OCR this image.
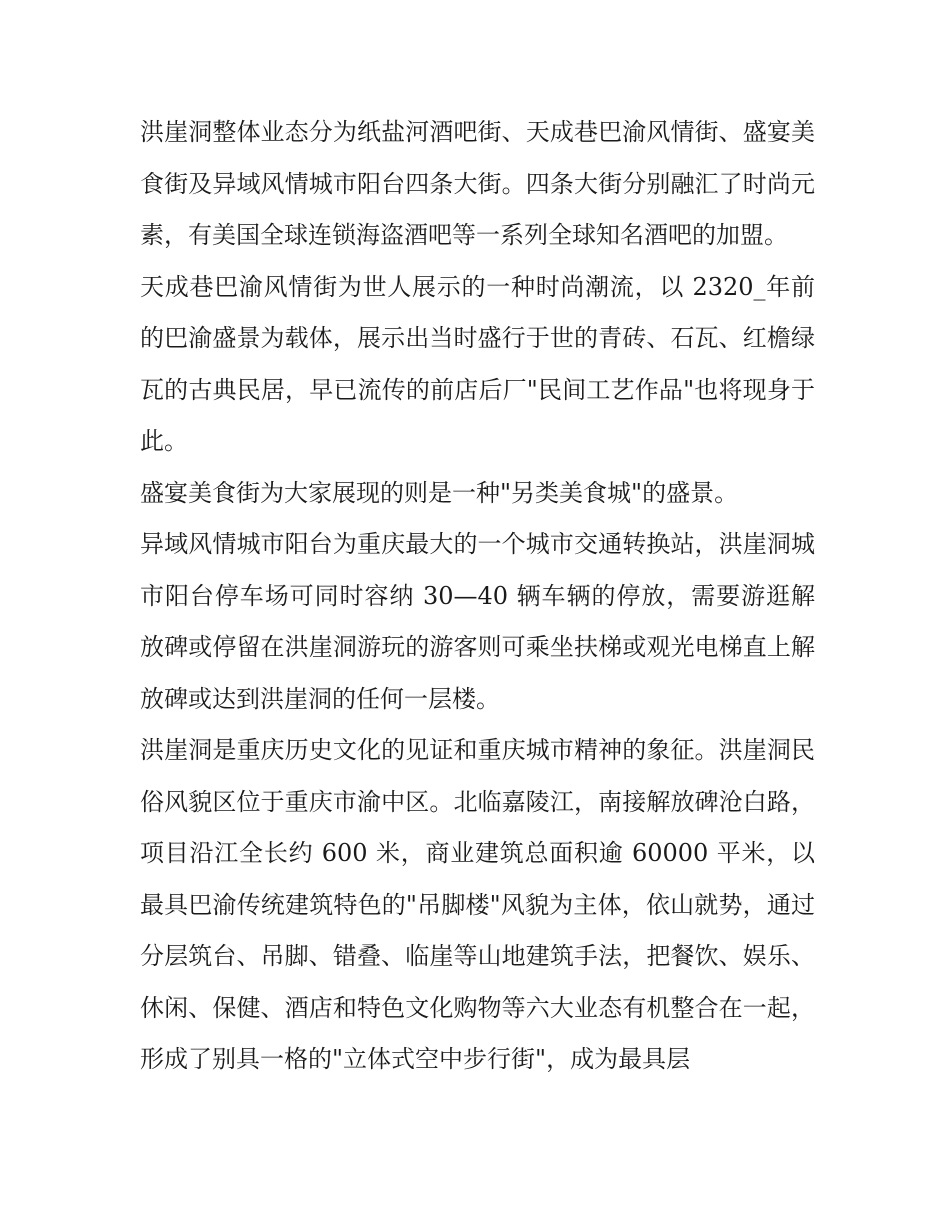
洪崖洞整体业态分为纸盐河酒吧街、天成巷巴渝风情街、盛宴美食街及异域风情城市阳台四条大街。四条大街分别融汇了时尚元素，有美国全球连锁海盗酒吧等一系列全球知名酒吧的加盟。

天成巷巴渝风情街为世人展示的一种时尚潮流，以 2320_年前的巴渝盛景为载体，展示出当时盛行于世的青砖、石瓦、红檐绿瓦的古典民居，早已流传的前店后厂"民间工艺作品"也将现身于此。

盛宴美食街为大家展现的则是一种"另类美食城"的盛景。

异域风情城市阳台为重庆最大的一个城市交通转换站，洪崖洞城市阳台停车场可同时容纳 30—40 辆车辆的停放，需要游逛解放碑或停留在洪崖洞游玩的游客则可乘坐扶梯或观光电梯直上解放碑或达到洪崖洞的任何一层楼。

洪崖洞是重庆历史文化的见证和重庆城市精神的象征。洪崖洞民俗风貌区位于重庆市渝中区。北临嘉陵江，南接解放碑沧白路，项目沿江全长约 600 米，商业建筑总面积逾 60000 平米，以最具巴渝传统建筑特色的"吊脚楼"风貌为主体，依山就势，通过分层筑台、吊脚、错叠、临崖等山地建筑手法，把餐饮、娱乐、休闲、保健、酒店和特色文化购物等六大业态有机整合在一起，形成了别具一格的"立体式空中步行街"，成为最具层
